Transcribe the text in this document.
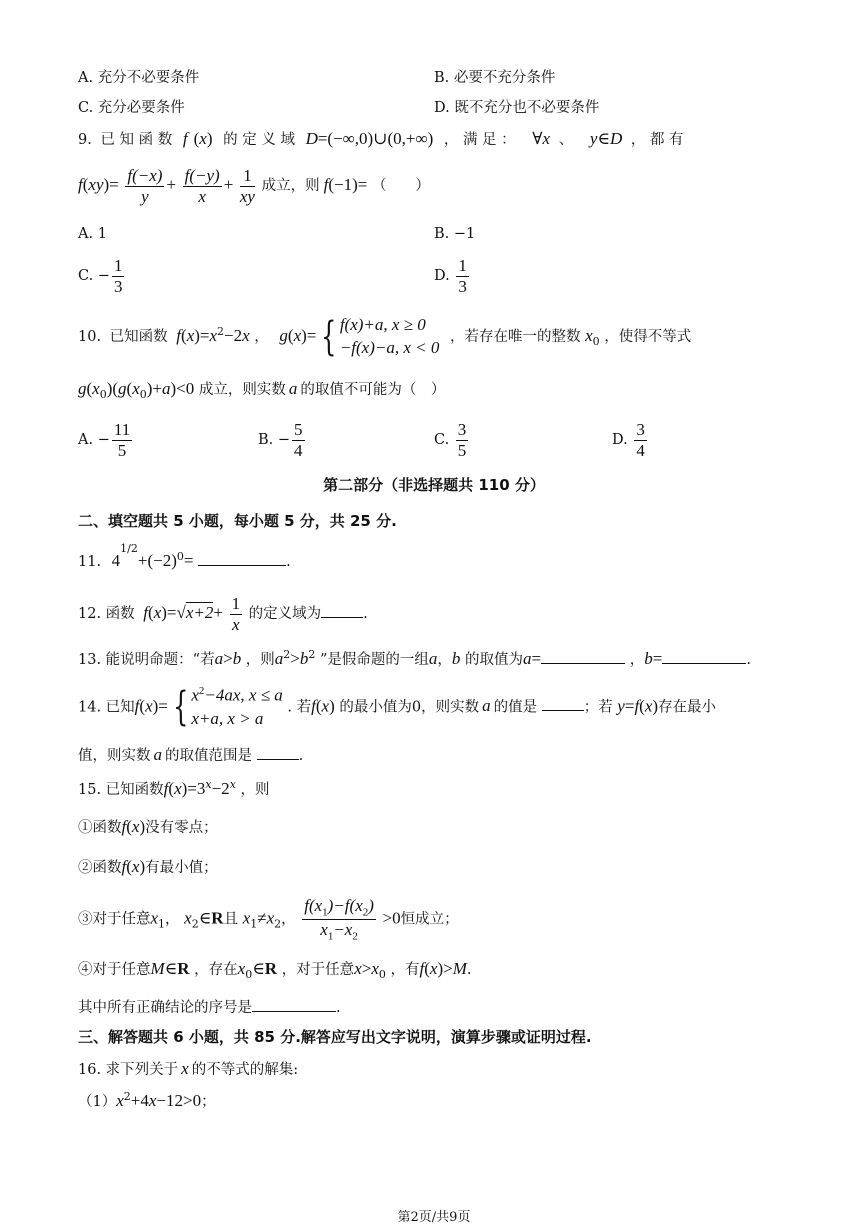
A. 充分不必要条件	B. 必要不充分条件
C. 充分必要条件	D. 既不充分也不必要条件
9. 已 知 函 数 f (x) 的 定 义 域 D=(−∞,0)∪(0,+∞) ， 满 足 ： ∀x 、 y∈D ， 都 有
$f(xy)= \frac{f(-x)}{y} + \frac{f(-y)}{x} + \frac{1}{xy}$ 成立，则 f(−1)= （　　）
A. 1	B. −1
C. − $\frac{1}{3}$	D. $\frac{1}{3}$
10. 已知函数 $f(x)=x^2-2x$ ， g(x)= { f(x)+a, x ≥ 0
−f(x)−a, x < 0
，若存在唯一的整数 $x_0$ ，使得不等式
$g(x_0)(g(x_0)+a)<0$ 成立，则实数 a 的取值不可能为（　）
A. − $\frac{11}{5}$	B. − $\frac{5}{4}$	C. $\frac{3}{5}$	D. $\frac{3}{4}$
第二部分（非选择题共 110 分）
二、填空题共 5 小题，每小题 5 分，共 25 分.
11. $4^{1/2}+(-2)^0=$	.
12. 函数 $f(x)=√x+2+ \frac{1}{x}$ 的定义域为	.
13. 能说明命题：“若a>b ，则$a^2>b^2$ ”是假命题的一组a，b 的取值为a=	，b=	.
14. 已知f(x)= { $x^2-4ax$, x ≤ a
x+a, x > a
. 若f(x) 的最小值为0，则实数 a 的值是	；若 y=f(x)存在最小
值，则实数 a 的取值范围是	.
15. 已知函数$f(x)=3^x-2^x$ ，则
①函数f(x)没有零点；
②函数f(x)有最小值；
③对于任意$x_1$， $x_2\in R$且 $x_1\ne x_2$， $\frac{f(x_1)-f(x_2)}{x_1-x_2} >0$恒成立；
④对于任意M∈R ，存在$x_0\in R$ ，对于任意$x>x_0$ ，有f(x)>M.
其中所有正确结论的序号是	.
三、解答题共 6 小题，共 85 分.解答应写出文字说明，演算步骤或证明过程.
16. 求下列关于 x 的不等式的解集:
$(1)x^2+4x-12>0$；
第2页/共9页
